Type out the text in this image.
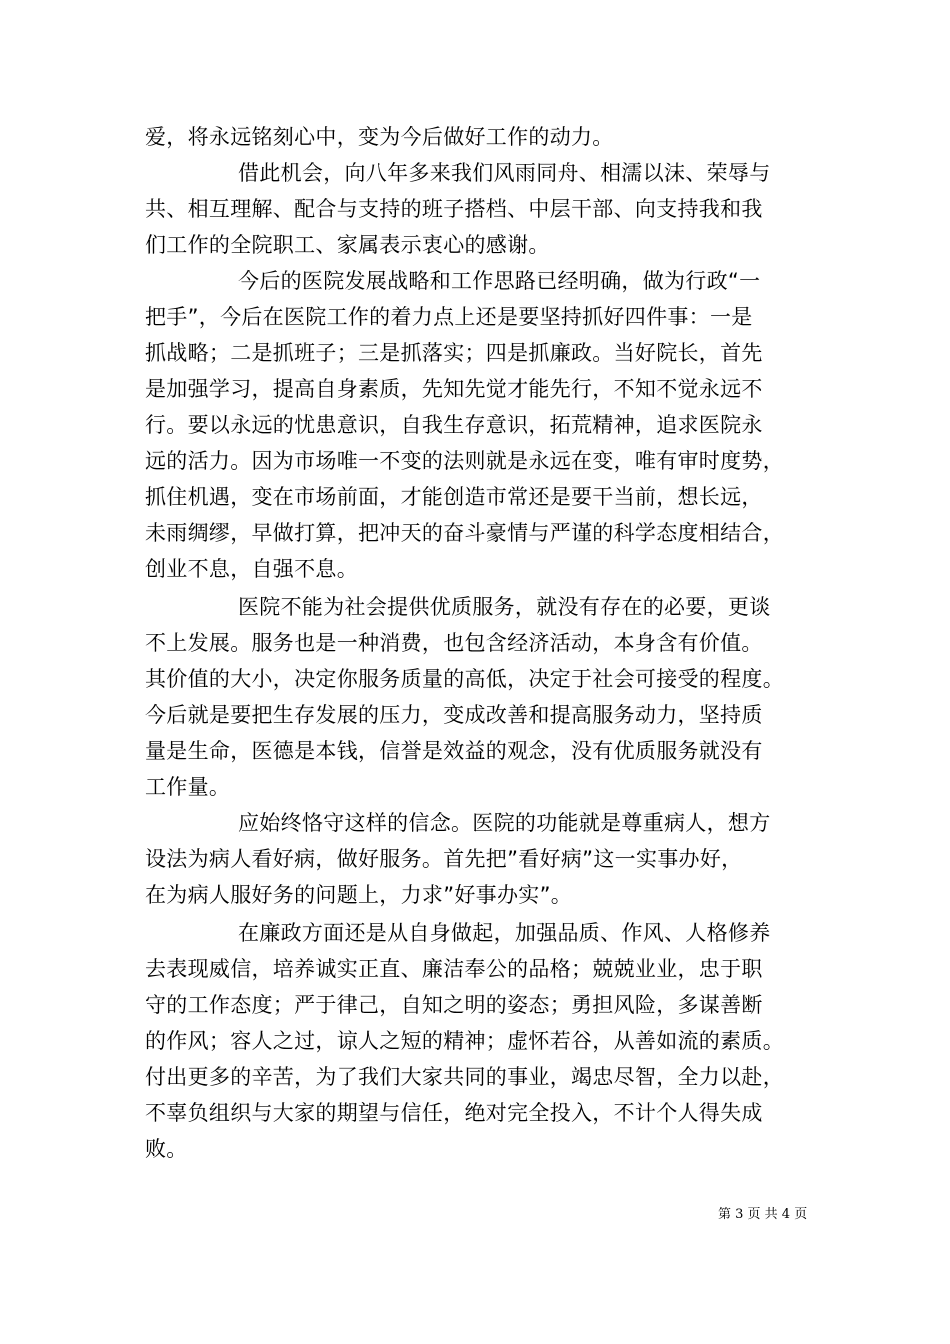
爱，将永远铭刻心中，变为今后做好工作的动力。
借此机会，向八年多来我们风雨同舟、相濡以沫、荣辱与
共、相互理解、配合与支持的班子搭档、中层干部、向支持我和我
们工作的全院职工、家属表示衷心的感谢。
今后的医院发展战略和工作思路已经明确，做为行政“一
把手”，今后在医院工作的着力点上还是要坚持抓好四件事：一是
抓战略；二是抓班子；三是抓落实；四是抓廉政。当好院长，首先
是加强学习，提高自身素质，先知先觉才能先行，不知不觉永远不
行。要以永远的忧患意识，自我生存意识，拓荒精神，追求医院永
远的活力。因为市场唯一不变的法则就是永远在变，唯有审时度势，
抓住机遇，变在市场前面，才能创造市常还是要干当前，想长远，
未雨绸缪，早做打算，把冲天的奋斗豪情与严谨的科学态度相结合，
创业不息，自强不息。
医院不能为社会提供优质服务，就没有存在的必要，更谈
不上发展。服务也是一种消费，也包含经济活动，本身含有价值。
其价值的大小，决定你服务质量的高低，决定于社会可接受的程度。
今后就是要把生存发展的压力，变成改善和提高服务动力，坚持质
量是生命，医德是本钱，信誉是效益的观念，没有优质服务就没有
工作量。
应始终恪守这样的信念。医院的功能就是尊重病人，想方
设法为病人看好病，做好服务。首先把”看好病”这一实事办好，
在为病人服好务的问题上，力求”好事办实”。
在廉政方面还是从自身做起，加强品质、作风、人格修养
去表现威信，培养诚实正直、廉洁奉公的品格；兢兢业业，忠于职
守的工作态度；严于律己，自知之明的姿态；勇担风险，多谋善断
的作风；容人之过，谅人之短的精神；虚怀若谷，从善如流的素质。
付出更多的辛苦，为了我们大家共同的事业，竭忠尽智，全力以赴，
不辜负组织与大家的期望与信任，绝对完全投入，不计个人得失成
败。
第 3 页 共 4 页
